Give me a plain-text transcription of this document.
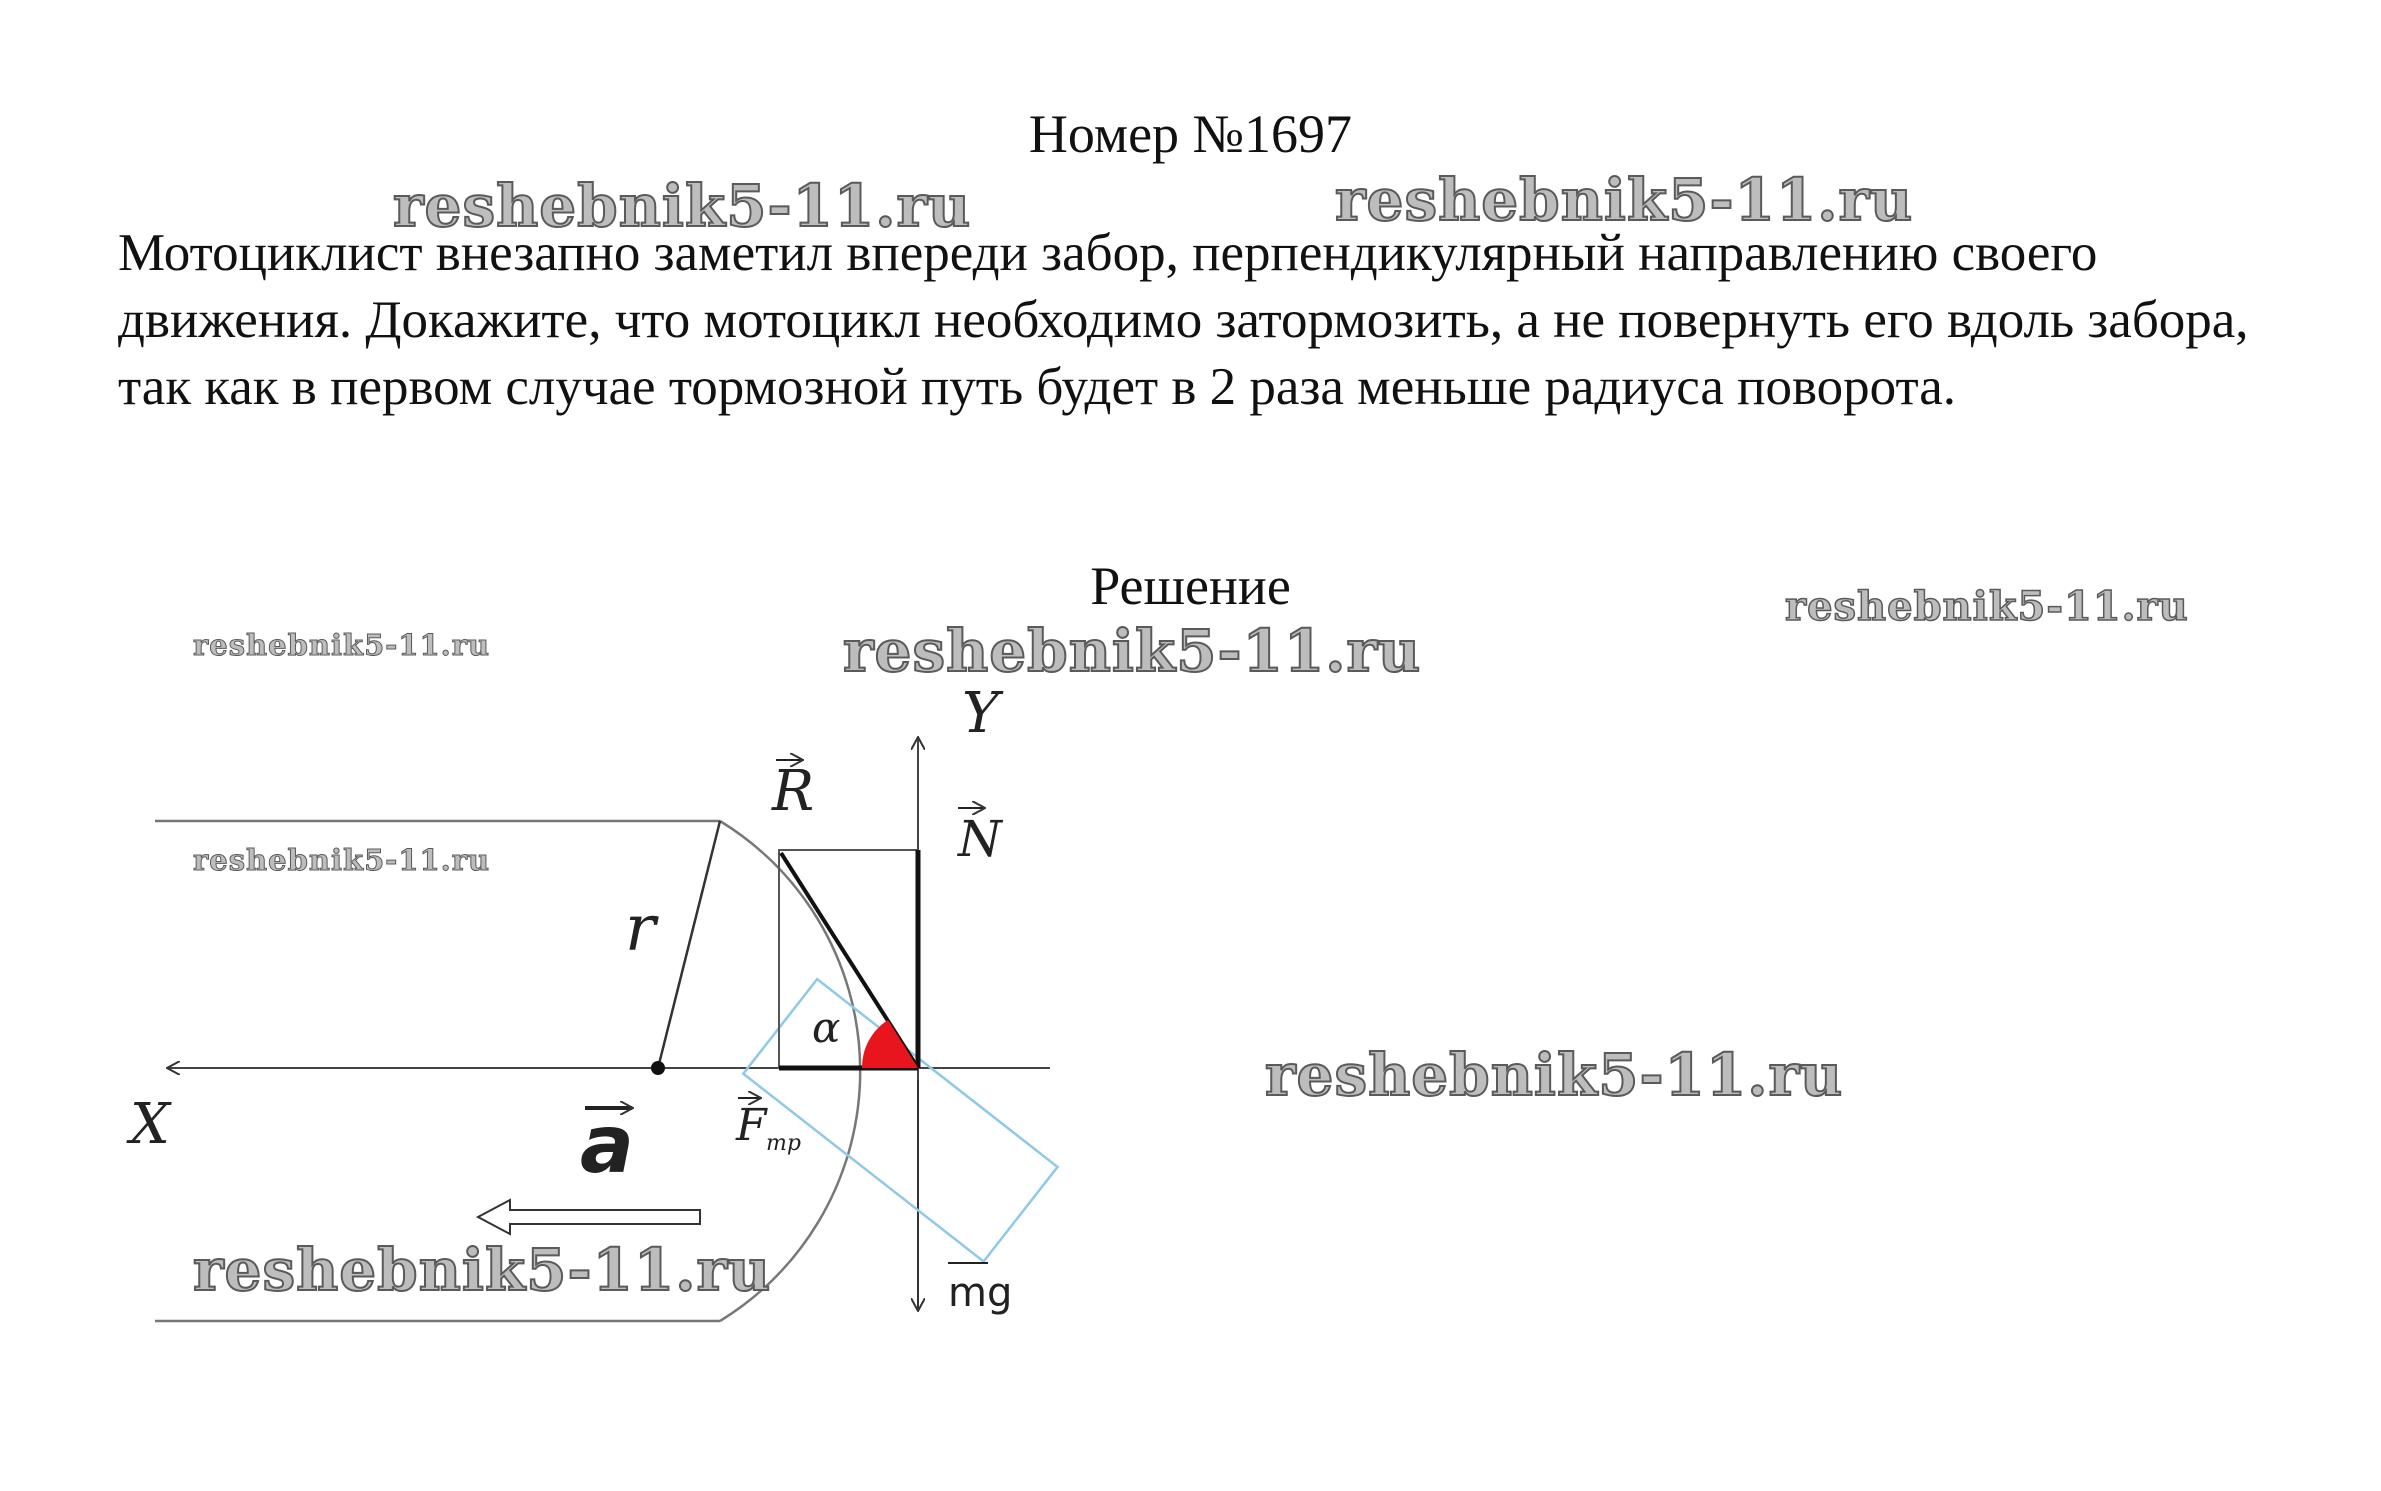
Номер №1697
reshebnik5-11.ru	reshebnik5-11.ru
Мотоциклист внезапно заметил впереди забор, перпендикулярный направлению своего движения. Докажите, что мотоцикл необходимо затормозить, а не повернуть его вдоль забора, так как в первом случае тормозной путь будет в 2 раза меньше радиуса поворота.
Решение
reshebnik5-11.ru
reshebnik5-11.ru
reshebnik5-11.ru
X
Y
r
α
R
N
F тр
mg
a
reshebnik5-11.ru
reshebnik5-11.ru
reshebnik5-11.ru
